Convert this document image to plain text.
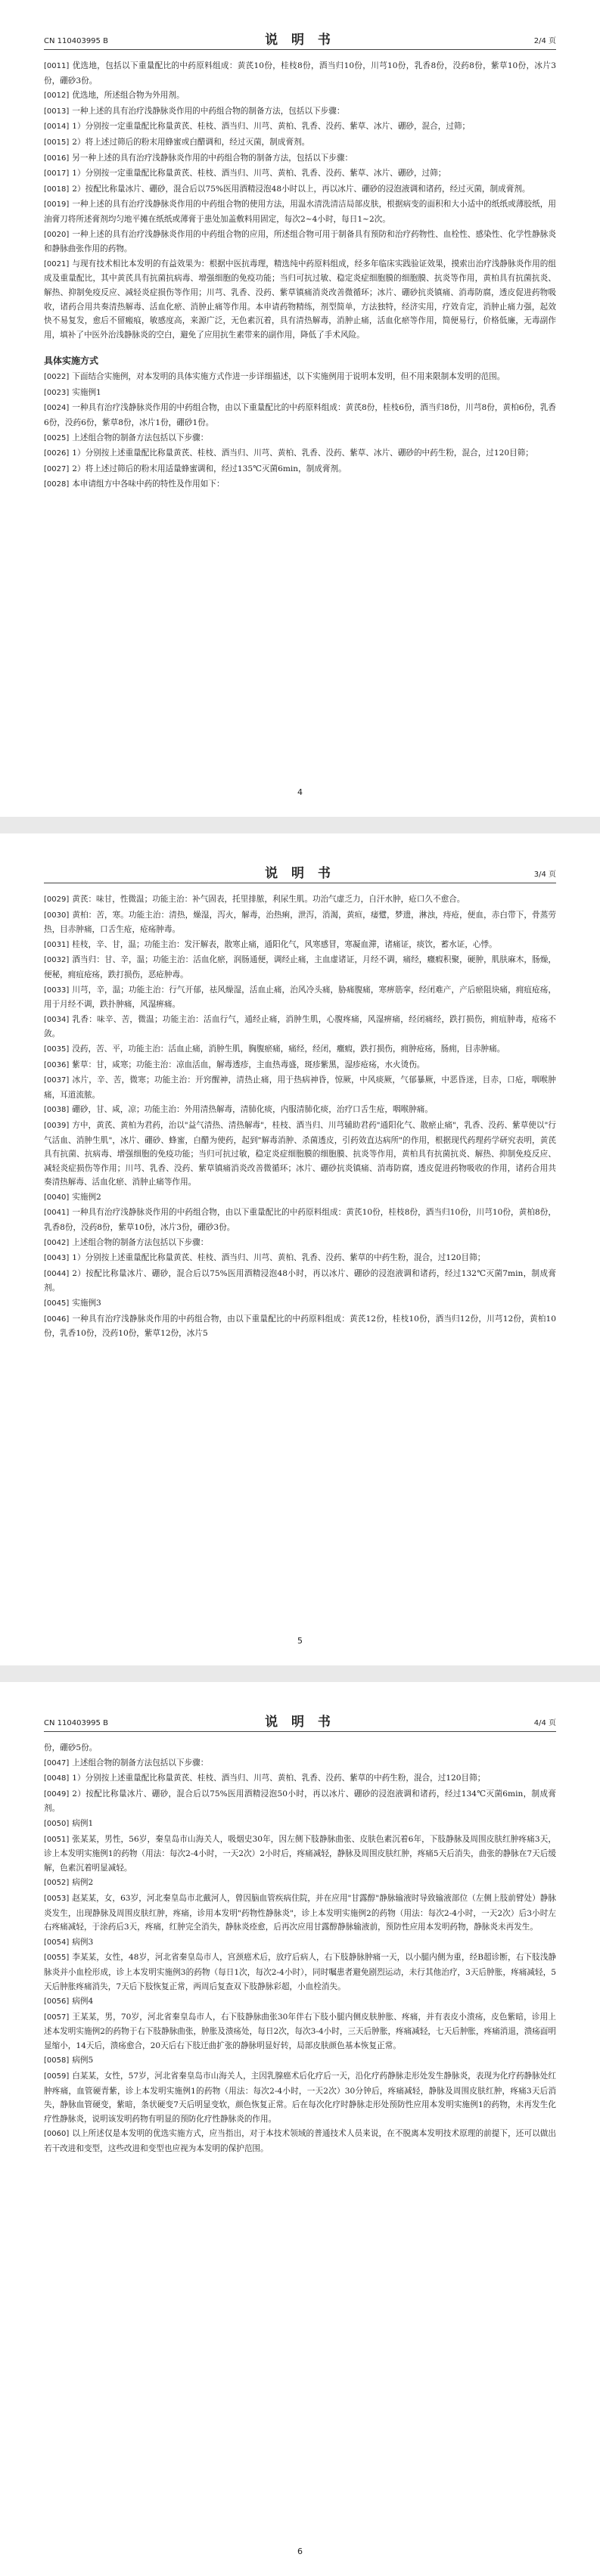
CN 110403995 B	说 明 书	2/4 页
[0011] 优选地，包括以下重量配比的中药原料组成：黄芪10份，桂枝8份，酒当归10份，川芎10份，乳香8份，没药8份，紫草10份，冰片3份，硼砂3份。
[0012] 优选地，所述组合物为外用剂。
[0013] 一种上述的具有治疗浅静脉炎作用的中药组合物的制备方法，包括以下步骤：
[0014] 1）分别按一定重量配比称量黄芪、桂枝、酒当归、川芎、黄柏、乳香、没药、紫草、冰片、硼砂，混合，过筛；
[0015] 2）将上述过筛后的粉末用蜂蜜或白醋调和，经过灭菌，制成膏剂。
[0016] 另一种上述的具有治疗浅静脉炎作用的中药组合物的制备方法，包括以下步骤：
[0017] 1）分别按一定重量配比称量黄芪、桂枝、酒当归、川芎、黄柏、乳香、没药、紫草、冰片、硼砂，过筛；
[0018] 2）按配比称量冰片、硼砂，混合后以75%医用酒精浸泡48小时以上，再以冰片、硼砂的浸泡液调和诸药，经过灭菌，制成膏剂。
[0019] 一种上述的具有治疗浅静脉炎作用的中药组合物的使用方法，用温水清洗清洁局部皮肤，根据病变的面积和大小适中的纸纸或薄胶纸，用油膏刀将所述膏剂均匀地平摊在纸纸或薄膏于患处加盖敷料用固定，每次2~4小时，每日1~2次。
[0020] 一种上述的具有治疗浅静脉炎作用的中药组合物的应用，所述组合物可用于制备具有预防和治疗药物性、血栓性、感染性、化学性静脉炎和静脉曲张作用的药物。
[0021] 与现有技术相比本发明的有益效果为：根据中医抗毒理，精选纯中药原料组成，经多年临床实践验证效果，摸索出治疗浅静脉炎作用的组成及重量配比，其中黄芪具有抗菌抗病毒、增强细胞的免疫功能；当归可抗过敏、稳定炎症细胞膜的细胞膜、抗炎等作用，黄柏具有抗菌抗炎、解热、抑制免疫反应、减轻炎症损伤等作用；川芎、乳香、没药、紫草镇痛消炎改善微循环；冰片、硼砂抗炎镇痛、消毒防腐，透皮促进药物吸收，诸药合用共奏清热解毒、活血化瘀、消肿止痛等作用。本申请药物精练，剂型简单，方法独特，经济实用，疗效肯定，消肿止痛力强，起效快不易复发，愈后不留瘢痕，敏感度高，来源广泛，无色素沉着，具有清热解毒，消肿止痛，活血化瘀等作用，简便易行，价格低廉，无毒副作用，填补了中医外治浅静脉炎的空白，避免了应用抗生素带来的副作用，降低了手术风险。
具体实施方式
[0022] 下面结合实施例，对本发明的具体实施方式作进一步详细描述，以下实施例用于说明本发明，但不用来限制本发明的范围。
[0023] 实施例1
[0024] 一种具有治疗浅静脉炎作用的中药组合物，由以下重量配比的中药原料组成：黄芪8份，桂枝6份，酒当归8份，川芎8份，黄柏6份，乳香6份，没药6份，紫草8份，冰片1份，硼砂1份。
[0025] 上述组合物的制备方法包括以下步骤：
[0026] 1）分别按上述重量配比称量黄芪、桂枝、酒当归、川芎、黄柏、乳香、没药、紫草、冰片、硼砂的中药生粉，混合，过120目筛；
[0027] 2）将上述过筛后的粉末用适量蜂蜜调和，经过135℃灭菌6min，制成膏剂。
[0028] 本申请组方中各味中药的特性及作用如下：
4
说 明 书	3/4 页
[0029] 黄芪：味甘，性微温；功能主治：补气固表，托里排脓，利尿生肌。功治气虚乏力，自汗水肿，疮口久不愈合。
[0030] 黄柏：苦，寒。功能主治：清热，燥湿，泻火，解毒，治热痢，泄泻，消渴，黄疸，痿躄，梦遗，淋浊，痔疮，便血，赤白带下，骨蒸劳热，目赤肿痛，口舌生疮，疮疡肿毒。
[0031] 桂枝，辛、甘，温；功能主治：发汗解表，散寒止痛，通阳化气，风寒感冒，寒凝血滞，诸痛证，痰饮，蓄水证，心悸。
[0032] 酒当归：甘、辛，温；功能主治：活血化瘀，润肠通便，调经止痛，主血虚诸证，月经不调，痛经，癥瘕积聚，硬肿，肌肤麻木，肠燥，便秘，痈疽疮疡，跌打损伤，恶疮肿毒。
[0033] 川芎，辛，温；功能主治：行气开郁，祛风燥湿，活血止痛，治风冷头痛，胁痛腹痛，寒痹筋挛，经闭难产，产后瘀阻块痛，痈疽疮疡，用于月经不调，跌扑肿痛，风湿痹痛。
[0034] 乳香：味辛、苦，微温；功能主治：活血行气，通经止痛，消肿生肌，心腹疼痛，风湿痹痛，经闭痛经，跌打损伤，痈疽肿毒，疮疡不敛。
[0035] 没药，苦、平，功能主治：活血止痛，消肿生肌，胸腹瘀痛，痛经，经闭，癥瘕，跌打损伤，痈肿疮疡，肠痈，目赤肿痛。
[0036] 紫草：甘，咸寒；功能主治：凉血活血，解毒透疹，主血热毒盛，斑疹紫黑，湿疹疮疡，水火烫伤。
[0037] 冰片，辛、苦，微寒；功能主治：开窍醒神，清热止痛，用于热病神昏，惊厥，中风痰厥，气郁暴厥，中恶昏迷，目赤，口疮，咽喉肿痛，耳道流脓。
[0038] 硼砂，甘、咸，凉；功能主治：外用清热解毒，清肺化痰，内服清肺化痰，治疗口舌生疮，咽喉肿痛。
[0039] 方中，黄芪、黄柏为君药，治以"益气清热、清热解毒"，桂枝、酒当归、川芎辅助君药"通阳化气、散瘀止痛"，乳香、没药、紫草使以"行气活血、消肿生肌"，冰片、硼砂、蜂蜜，白醋为使药，起到"解毒消肿、杀菌透皮，引药效直达病所"的作用，根据现代药理药学研究表明，黄芪具有抗菌、抗病毒、增强细胞的免疫功能；当归可抗过敏，稳定炎症细胞膜的细胞膜、抗炎等作用，黄柏具有抗菌抗炎、解热、抑制免疫反应、减轻炎症损伤等作用；川芎、乳香、没药、紫草镇痛消炎改善微循环；冰片、硼砂抗炎镇痛、消毒防腐，透皮促进药物吸收的作用，诸药合用共奏清热解毒、活血化瘀、消肿止痛等作用。
[0040] 实施例2
[0041] 一种具有治疗浅静脉炎作用的中药组合物，由以下重量配比的中药原料组成：黄芪10份，桂枝8份，酒当归10份，川芎10份，黄柏8份，乳香8份，没药8份，紫草10份，冰片3份，硼砂3份。
[0042] 上述组合物的制备方法包括以下步骤：
[0043] 1）分别按上述重量配比称量黄芪、桂枝、酒当归、川芎、黄柏、乳香、没药、紫草的中药生粉，混合，过120目筛；
[0044] 2）按配比称量冰片、硼砂，混合后以75%医用酒精浸泡48小时，再以冰片、硼砂的浸泡液调和诸药，经过132℃灭菌7min，制成膏剂。
[0045] 实施例3
[0046] 一种具有治疗浅静脉炎作用的中药组合物，由以下重量配比的中药原料组成：黄芪12份，桂枝10份，酒当归12份，川芎12份，黄柏10份，乳香10份，没药10份，紫草12份，冰片5
5
CN 110403995 B	说 明 书	4/4 页
份，硼砂5份。
[0047] 上述组合物的制备方法包括以下步骤：
[0048] 1）分别按上述重量配比称量黄芪、桂枝、酒当归、川芎、黄柏、乳香、没药、紫草的中药生粉，混合，过120目筛；
[0049] 2）按配比称量冰片、硼砂，混合后以75%医用酒精浸泡50小时，再以冰片、硼砂的浸泡液调和诸药，经过134℃灭菌6min，制成膏剂。
[0050] 病例1
[0051] 张某某，男性，56岁，秦皇岛市山海关人，吸烟史30年，因左侧下肢静脉曲张、皮肤色素沉着6年，下肢静脉及周围皮肤红肿疼痛3天，诊上本发明实施例1的药物（用法：每次2-4小时，一天2次）2小时后，疼痛减轻，静脉及周围皮肤红肿，疼痛5天后消失，曲张的静脉在7天后缓解，色素沉着明显减轻。
[0052] 病例2
[0053] 赵某某，女，63岁，河北秦皇岛市北戴河人，曾因脑血管疾病住院，并在应用"甘露醇"静脉输液时导致输液部位（左侧上肢前臂处）静脉炎发生，出现静脉及周围皮肤红肿，疼痛，诊用本发明"药物性静脉炎"，诊上本发明实施例2的药物（用法：每次2-4小时，一天2次）后3小时左右疼痛减轻，于涂药后3天，疼痛，红肿完全消失，静脉炎痊愈，后再次应用甘露醇静脉输液前，预防性应用本发明药物，静脉炎未再发生。
[0054] 病例3
[0055] 李某某，女性，48岁，河北省秦皇岛市人，宫颈癌术后，放疗后病人，右下肢静脉肿痛一天，以小腿内侧为重，经B超诊断，右下肢浅静脉炎并小血栓形成，诊上本发明实施例3的药物（每日1次，每次2-4小时），同时嘱患者避免剧烈运动，未行其他治疗，3天后肿胀，疼痛减轻，5天后肿胀疼痛消失，7天后下肢恢复正常，两周后复查双下肢静脉彩超，小血栓消失。
[0056] 病例4
[0057] 王某某，男，70岁，河北省秦皇岛市人，右下肢静脉曲张30年伴右下肢小腿内侧皮肤肿胀、疼痛，并有表皮小溃疡，皮色紫暗，诊用上述本发明实施例2的药物于右下肢静脉曲张，肿胀及溃疡处，每日2次，每次3-4小时，三天后肿胀，疼痛减轻，七天后肿胀，疼痛消退，溃疡面明显缩小，14天后，溃疡愈合，20天后右下肢迂曲扩张的静脉明显好转，局部皮肤颜色基本恢复正常。
[0058] 病例5
[0059] 白某某，女性，57岁，河北省秦皇岛市山海关人，主因乳腺癌术后化疗后一天，沿化疗药静脉走形处发生静脉炎，表现为化疗药静脉处红肿疼痛，血管硬青紫，诊上本发明实施例1的药物（用法：每次2-4小时，一天2次）30分钟后，疼痛减轻，静脉及周围皮肤红肿，疼痛3天后消失，静脉血管硬变，紫暗，条状硬变7天后明显变软，颜色恢复正常。后在每次化疗时静脉走形处预防性应用本发明实施例1的药物，未再发生化疗性静脉炎，说明该发明药物有明显的预防化疗性静脉炎的作用。
[0060] 以上所述仅是本发明的优选实施方式，应当指出，对于本技术领域的普通技术人员来说，在不脱离本发明技术原理的前提下，还可以做出若干改进和变型，这些改进和变型也应视为本发明的保护范围。
6
